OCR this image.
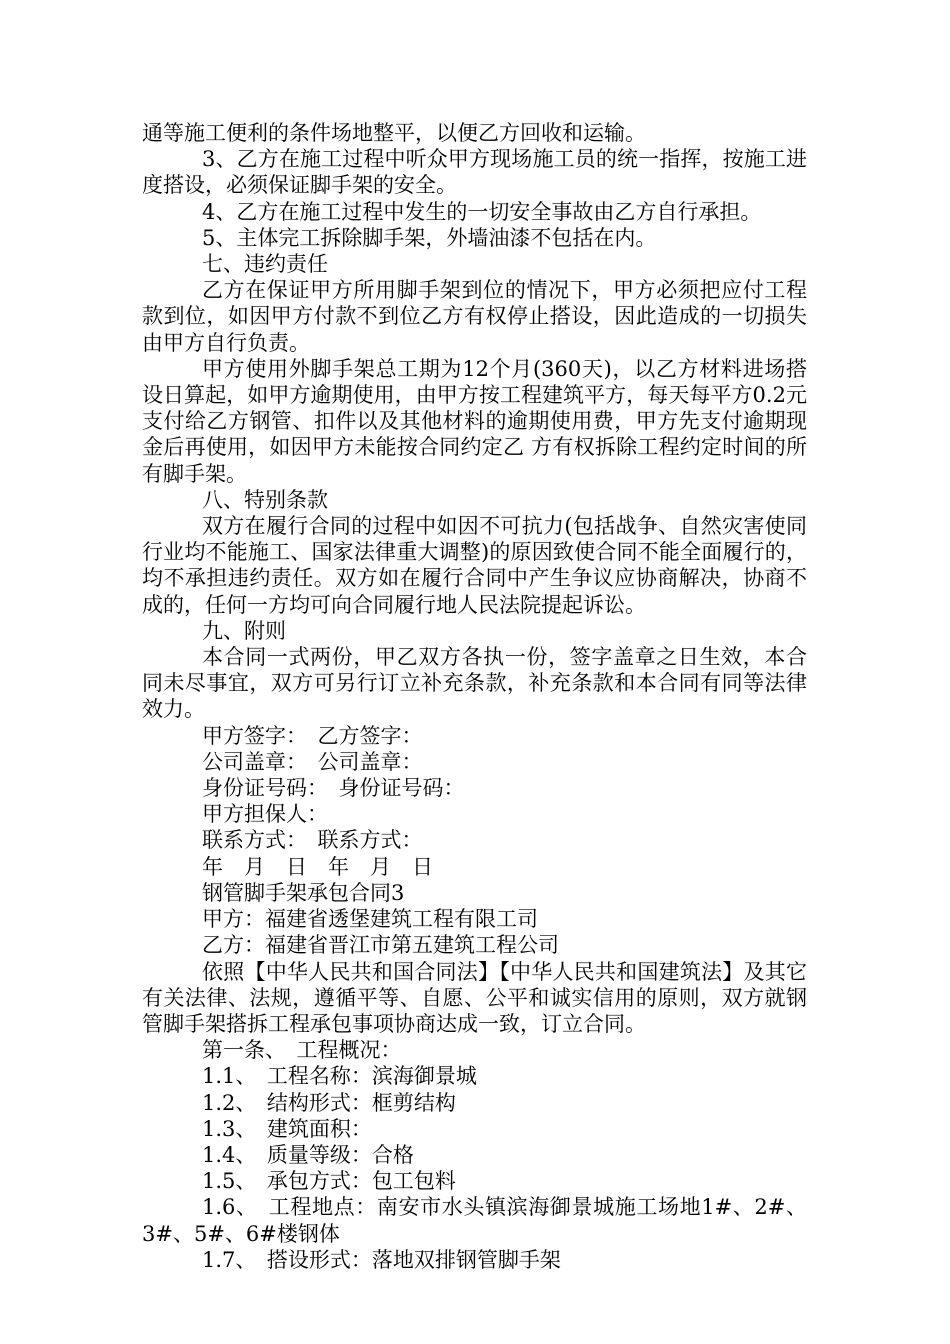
通等施工便利的条件场地整平，以便乙方回收和运输。

3、乙方在施工过程中听众甲方现场施工员的统一指挥，按施工进度搭设，必须保证脚手架的安全。

4、乙方在施工过程中发生的一切安全事故由乙方自行承担。

5、主体完工拆除脚手架，外墙油漆不包括在内。

七、违约责任

乙方在保证甲方所用脚手架到位的情况下，甲方必须把应付工程款到位，如因甲方付款不到位乙方有权停止搭设，因此造成的一切损失由甲方自行负责。

甲方使用外脚手架总工期为12个月(360天)，以乙方材料进场搭设日算起，如甲方逾期使用，由甲方按工程建筑平方，每天每平方0.2元支付给乙方钢管、扣件以及其他材料的逾期使用费，甲方先支付逾期现金后再使用，如因甲方未能按合同约定乙 方有权拆除工程约定时间的所有脚手架。

八、特别条款

双方在履行合同的过程中如因不可抗力(包括战争、自然灾害使同行业均不能施工、国家法律重大调整)的原因致使合同不能全面履行的，均不承担违约责任。双方如在履行合同中产生争议应协商解决，协商不成的，任何一方均可向合同履行地人民法院提起诉讼。

九、附则

本合同一式两份，甲乙双方各执一份，签字盖章之日生效，本合同未尽事宜，双方可另行订立补充条款，补充条款和本合同有同等法律效力。

甲方签字：　乙方签字：

公司盖章：　公司盖章：

身份证号码：　身份证号码：

甲方担保人：

联系方式：　联系方式：

年　月　日　年　月　日

钢管脚手架承包合同3

甲方：福建省透堡建筑工程有限工司

乙方：福建省晋江市第五建筑工程公司

依照【中华人民共和国合同法】【中华人民共和国建筑法】及其它有关法律、法规，遵循平等、自愿、公平和诚实信用的原则，双方就钢管脚手架搭拆工程承包事项协商达成一致，订立合同。

第一条、　工程概况：

1.1、　工程名称：滨海御景城

1.2、　结构形式：框剪结构

1.3、　建筑面积：

1.4、　质量等级：合格

1.5、　承包方式：包工包料

1.6、　工程地点：南安市水头镇滨海御景城施工场地1#、2#、3#、5#、6#楼钢体

1.7、　搭设形式：落地双排钢管脚手架
